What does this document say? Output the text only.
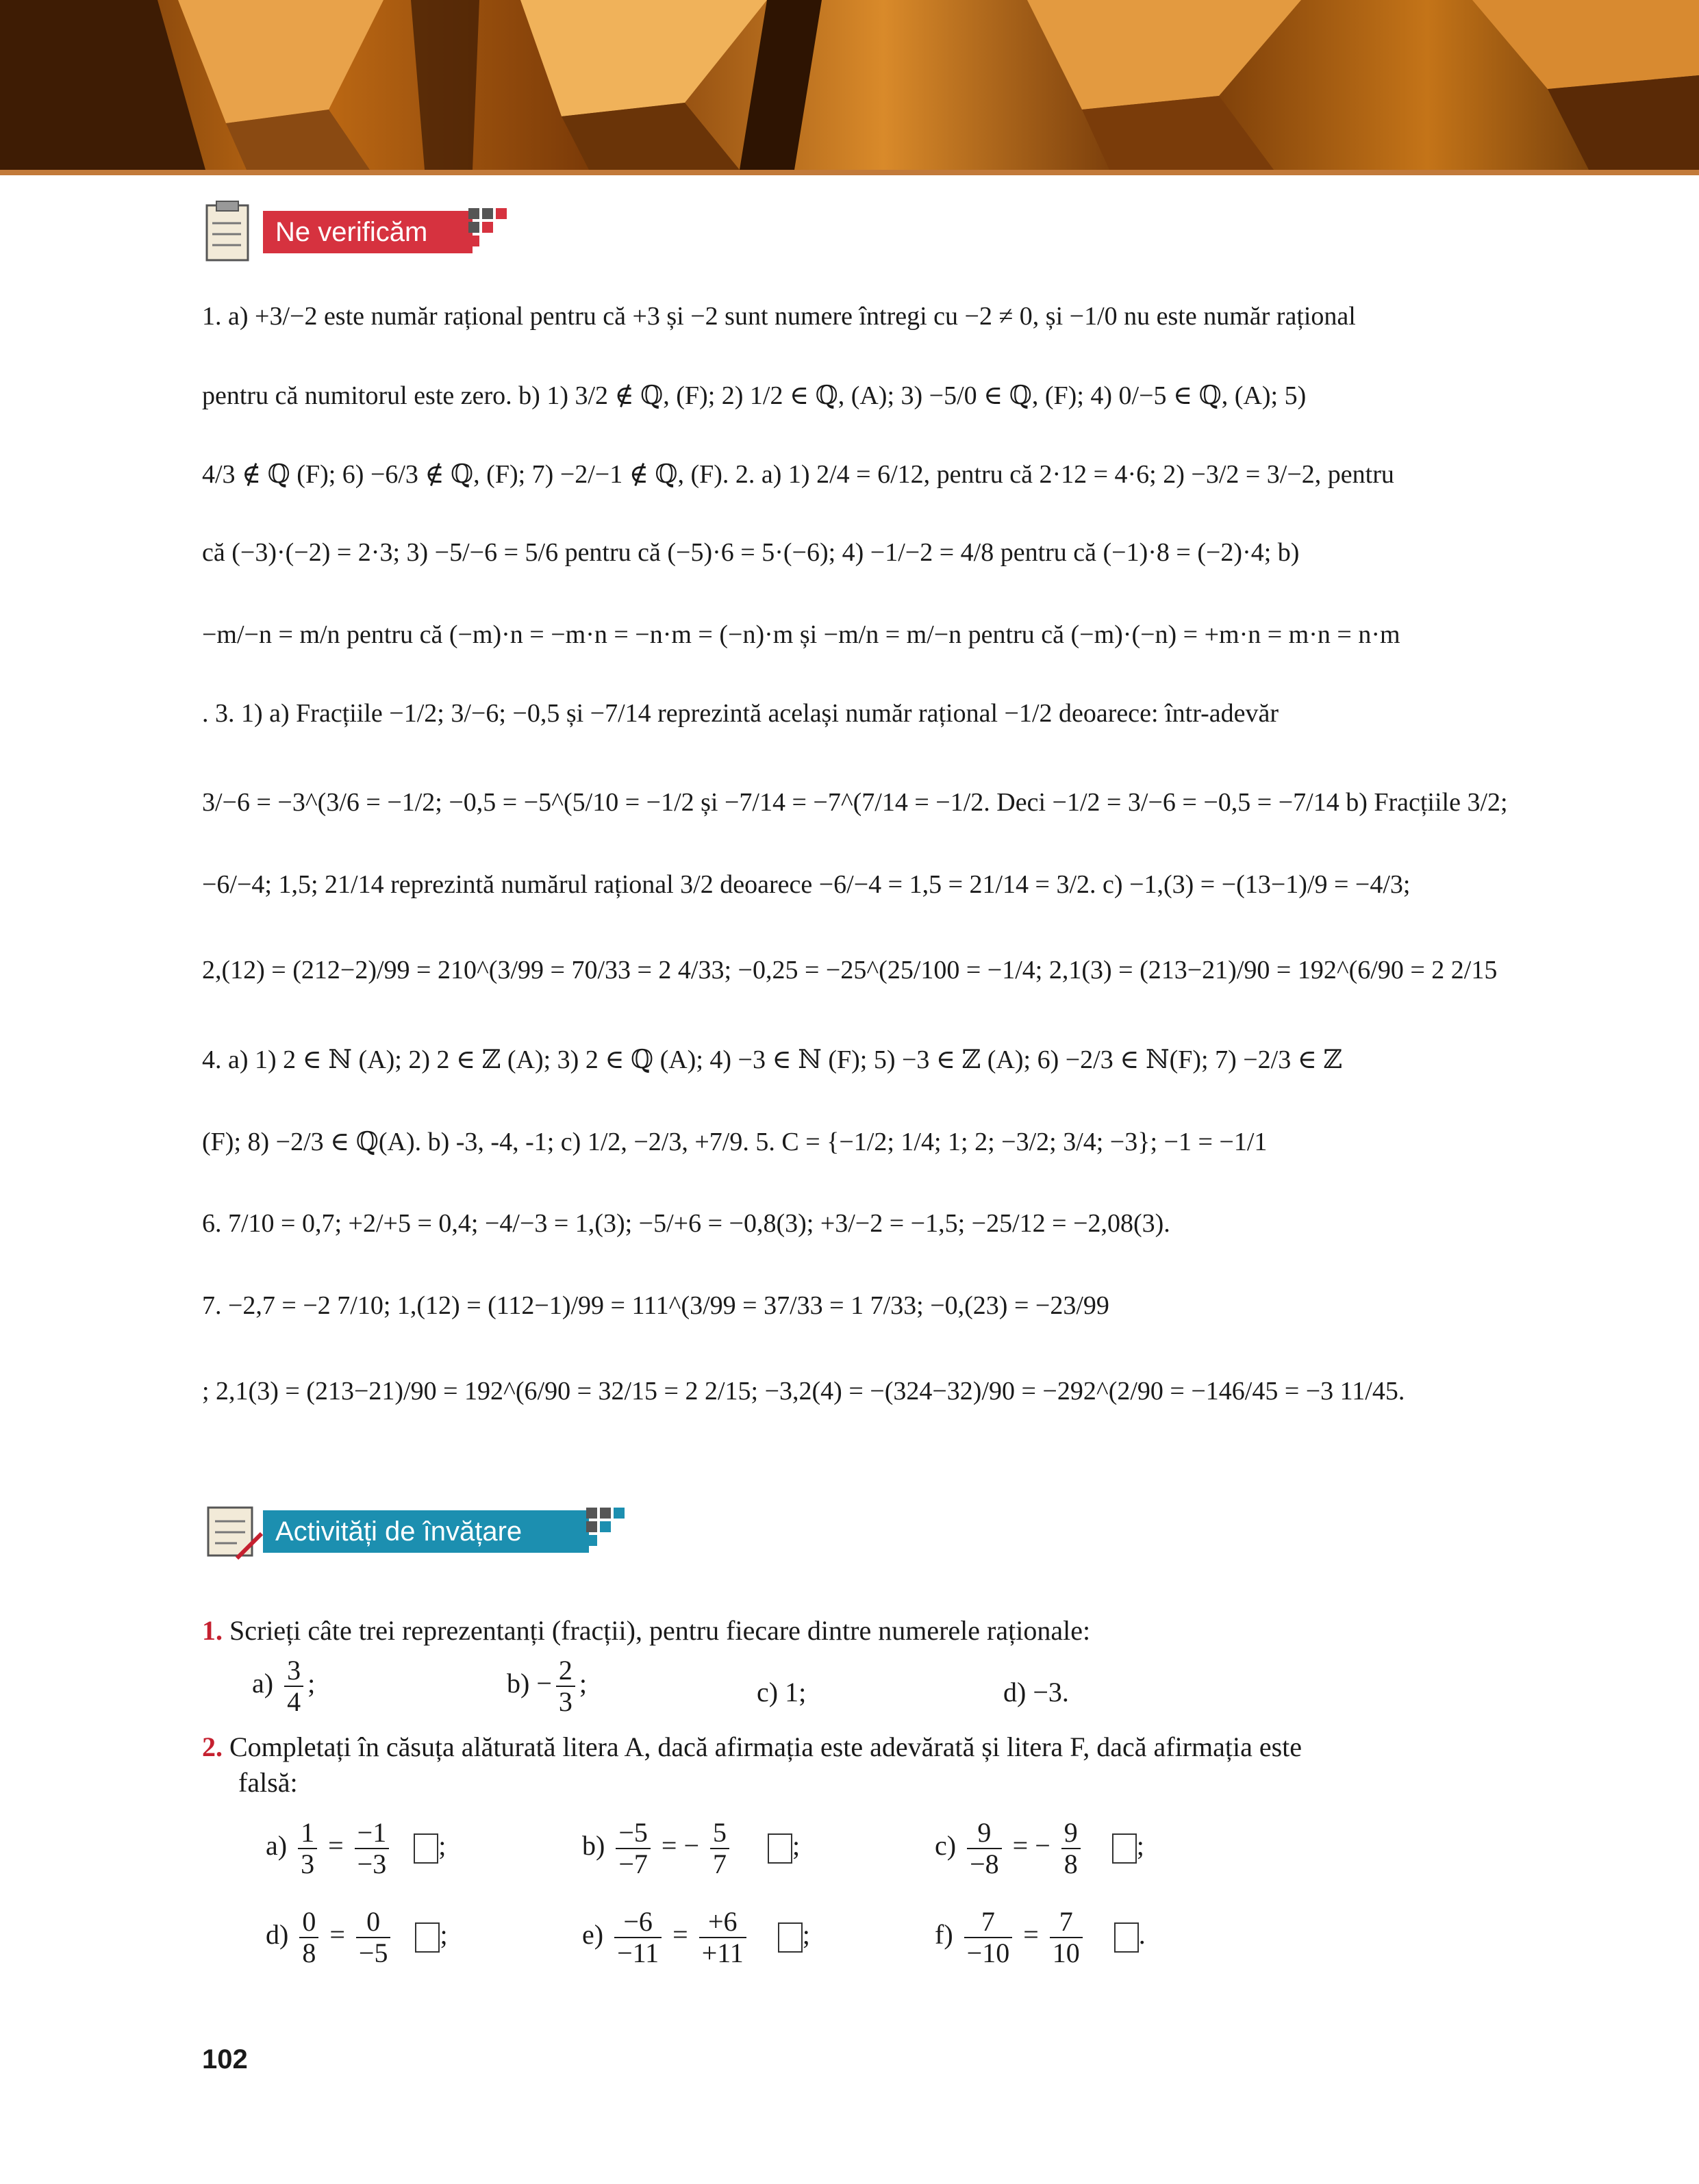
Ne verificăm
1. a) +3/−2 este număr rațional pentru că +3 și −2 sunt numere întregi cu −2 ≠ 0, și −1/0 nu este număr rațional
pentru că numitorul este zero. b) 1) 3/2 ∉ ℚ, (F); 2) 1/2 ∈ ℚ, (A); 3) −5/0 ∈ ℚ, (F); 4) 0/−5 ∈ ℚ, (A); 5)
4/3 ∉ ℚ (F); 6) −6/3 ∉ ℚ, (F); 7) −2/−1 ∉ ℚ, (F). 2. a) 1) 2/4 = 6/12, pentru că 2·12 = 4·6; 2) −3/2 = 3/−2, pentru
că (−3)·(−2) = 2·3; 3) −5/−6 = 5/6 pentru că (−5)·6 = 5·(−6); 4) −1/−2 = 4/8 pentru că (−1)·8 = (−2)·4; b)
−m/−n = m/n pentru că (−m)·n = −m·n = −n·m = (−n)·m și −m/n = m/−n pentru că (−m)·(−n) = +m·n = m·n = n·m
. 3. 1) a) Fracțiile −1/2; 3/−6; −0,5 și −7/14 reprezintă același număr rațional −1/2 deoarece: într-adevăr
3/−6 = −3^(3/6 = −1/2; −0,5 = −5^(5/10 = −1/2 și −7/14 = −7^(7/14 = −1/2. Deci −1/2 = 3/−6 = −0,5 = −7/14 b) Fracțiile 3/2;
−6/−4; 1,5; 21/14 reprezintă numărul rațional 3/2 deoarece −6/−4 = 1,5 = 21/14 = 3/2. c) −1,(3) = −(13−1)/9 = −4/3;
2,(12) = (212−2)/99 = 210^(3/99 = 70/33 = 2 4/33; −0,25 = −25^(25/100 = −1/4; 2,1(3) = (213−21)/90 = 192^(6/90 = 2 2/15
4. a) 1) 2 ∈ ℕ (A); 2) 2 ∈ ℤ (A); 3) 2 ∈ ℚ (A); 4) −3 ∈ ℕ (F); 5) −3 ∈ ℤ (A); 6) −2/3 ∈ ℕ(F); 7) −2/3 ∈ ℤ
(F); 8) −2/3 ∈ ℚ(A). b) -3, -4, -1; c) 1/2, −2/3, +7/9. 5. C = {−1/2; 1/4; 1; 2; −3/2; 3/4; −3}; −1 = −1/1
6. 7/10 = 0,7; +2/+5 = 0,4; −4/−3 = 1,(3); −5/+6 = −0,8(3); +3/−2 = −1,5; −25/12 = −2,08(3).
7. −2,7 = −2 7/10; 1,(12) = (112−1)/99 = 111^(3/99 = 37/33 = 1 7/33; −0,(23) = −23/99
; 2,1(3) = (213−21)/90 = 192^(6/90 = 32/15 = 2 2/15; −3,2(4) = −(324−32)/90 = −292^(2/90 = −146/45 = −3 11/45.
Activități de învățare
1. Scrieți câte trei reprezentanți (fracții), pentru fiecare dintre numerele raționale:
$a) \frac{3}{4}$ ;	$b) - \frac{2}{3}$ ;	c) 1;	d) −3.
2. Completați în căsuța alăturată litera A, dacă afirmația este adevărată și litera F, dacă afirmația este
falsă:
$a) \frac{1}{3} = \frac{-1}{-3}$ ;	$b) \frac{-5}{-7}$ = − $\frac{5}{7}$ ;	$c) \frac{9}{-8}$ = − $\frac{9}{8}$ ;
$d) \frac{0}{8} = \frac{0}{-5}$ ;	$e) \frac{-6}{-11} = \frac{+6}{+11}$ ;	$f) \frac{7}{-10} = \frac{7}{10}$ .
102
